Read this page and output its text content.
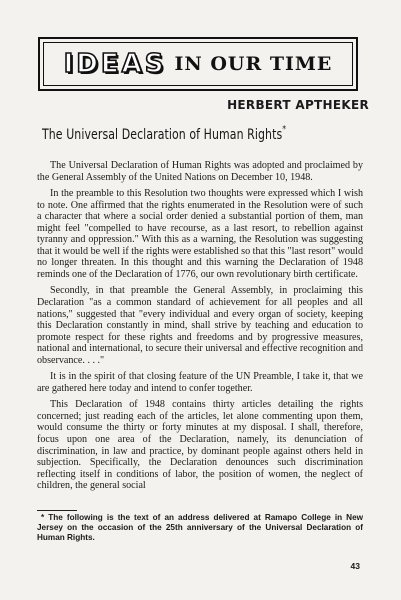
IDEAS IN OUR TIME
HERBERT APTHEKER
The Universal Declaration of Human Rights*

The Universal Declaration of Human Rights was adopted and proclaimed by the General Assembly of the United Nations on December 10, 1948.

In the preamble to this Resolution two thoughts were expressed which I wish to note. One affirmed that the rights enumerated in the Resolution were of such a character that where a social order denied a substantial portion of them, man might feel "compelled to have recourse, as a last resort, to rebellion against tyranny and oppression." With this as a warning, the Resolution was suggesting that it would be well if the rights were established so that this "last resort" would no longer threaten. In this thought and this warning the Declaration of 1948 reminds one of the Declaration of 1776, our own revolutionary birth certificate.

Secondly, in that preamble the General Assembly, in proclaiming this Declaration "as a common standard of achievement for all peoples and all nations," suggested that "every individual and every organ of society, keeping this Declaration constantly in mind, shall strive by teaching and education to promote respect for these rights and freedoms and by progressive measures, national and international, to secure their universal and effective recognition and observance. . . ."

It is in the spirit of that closing feature of the UN Preamble, I take it, that we are gathered here today and intend to confer together.

This Declaration of 1948 contains thirty articles detailing the rights concerned; just reading each of the articles, let alone commenting upon them, would consume the thirty or forty minutes at my disposal. I shall, therefore, focus upon one area of the Declaration, namely, its denunciation of discrimination, in law and practice, by dominant people against others held in subjection. Specifically, the Declaration denounces such discrimination reflecting itself in conditions of labor, the position of women, the neglect of children, the general social

* The following is the text of an address delivered at Ramapo College in New Jersey on the occasion of the 25th anniversary of the Universal Declaration of Human Rights.

43
